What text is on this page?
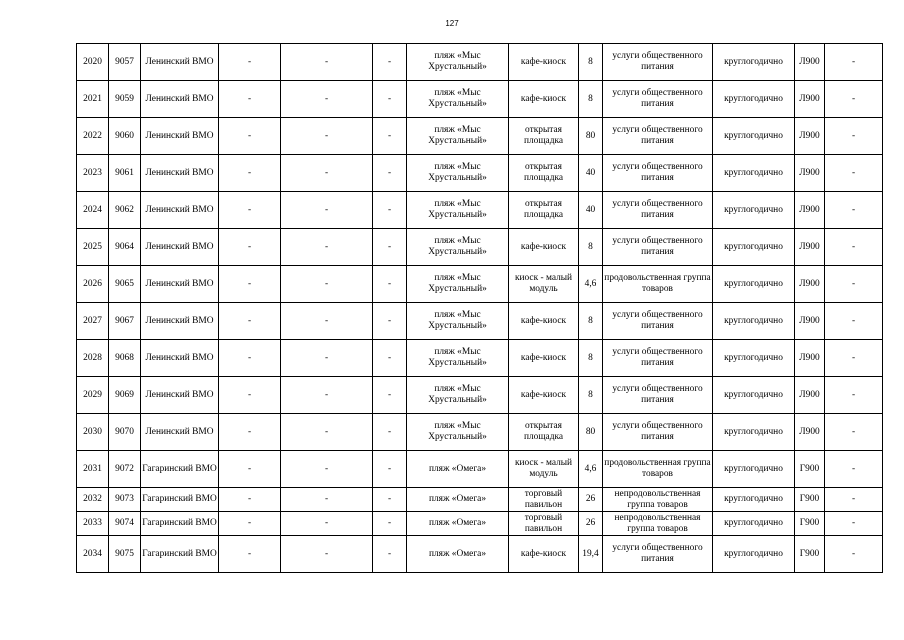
127
2020	9057	Ленинский ВМО	-	-	-	пляж «Мыс Хрустальный»	кафе-киоск	8	услуги общественного питания	круглогодично	Л900	-
2021	9059	Ленинский ВМО	-	-	-	пляж «Мыс Хрустальный»	кафе-киоск	8	услуги общественного питания	круглогодично	Л900	-
2022	9060	Ленинский ВМО	-	-	-	пляж «Мыс Хрустальный»	открытая площадка	80	услуги общественного питания	круглогодично	Л900	-
2023	9061	Ленинский ВМО	-	-	-	пляж «Мыс Хрустальный»	открытая площадка	40	услуги общественного питания	круглогодично	Л900	-
2024	9062	Ленинский ВМО	-	-	-	пляж «Мыс Хрустальный»	открытая площадка	40	услуги общественного питания	круглогодично	Л900	-
2025	9064	Ленинский ВМО	-	-	-	пляж «Мыс Хрустальный»	кафе-киоск	8	услуги общественного питания	круглогодично	Л900	-
2026	9065	Ленинский ВМО	-	-	-	пляж «Мыс Хрустальный»	киоск - малый модуль	4,6	продовольственная группа товаров	круглогодично	Л900	-
2027	9067	Ленинский ВМО	-	-	-	пляж «Мыс Хрустальный»	кафе-киоск	8	услуги общественного питания	круглогодично	Л900	-
2028	9068	Ленинский ВМО	-	-	-	пляж «Мыс Хрустальный»	кафе-киоск	8	услуги общественного питания	круглогодично	Л900	-
2029	9069	Ленинский ВМО	-	-	-	пляж «Мыс Хрустальный»	кафе-киоск	8	услуги общественного питания	круглогодично	Л900	-
2030	9070	Ленинский ВМО	-	-	-	пляж «Мыс Хрустальный»	открытая площадка	80	услуги общественного питания	круглогодично	Л900	-
2031	9072	Гагаринский ВМО	-	-	-	пляж «Омега»	киоск - малый модуль	4,6	продовольственная группа товаров	круглогодично	Г900	-
2032	9073	Гагаринский ВМО	-	-	-	пляж «Омега»	торговый павильон	26	непродовольственная группа товаров	круглогодично	Г900	-
2033	9074	Гагаринский ВМО	-	-	-	пляж «Омега»	торговый павильон	26	непродовольственная группа товаров	круглогодично	Г900	-
2034	9075	Гагаринский ВМО	-	-	-	пляж «Омега»	кафе-киоск	19,4	услуги общественного питания	круглогодично	Г900	-
